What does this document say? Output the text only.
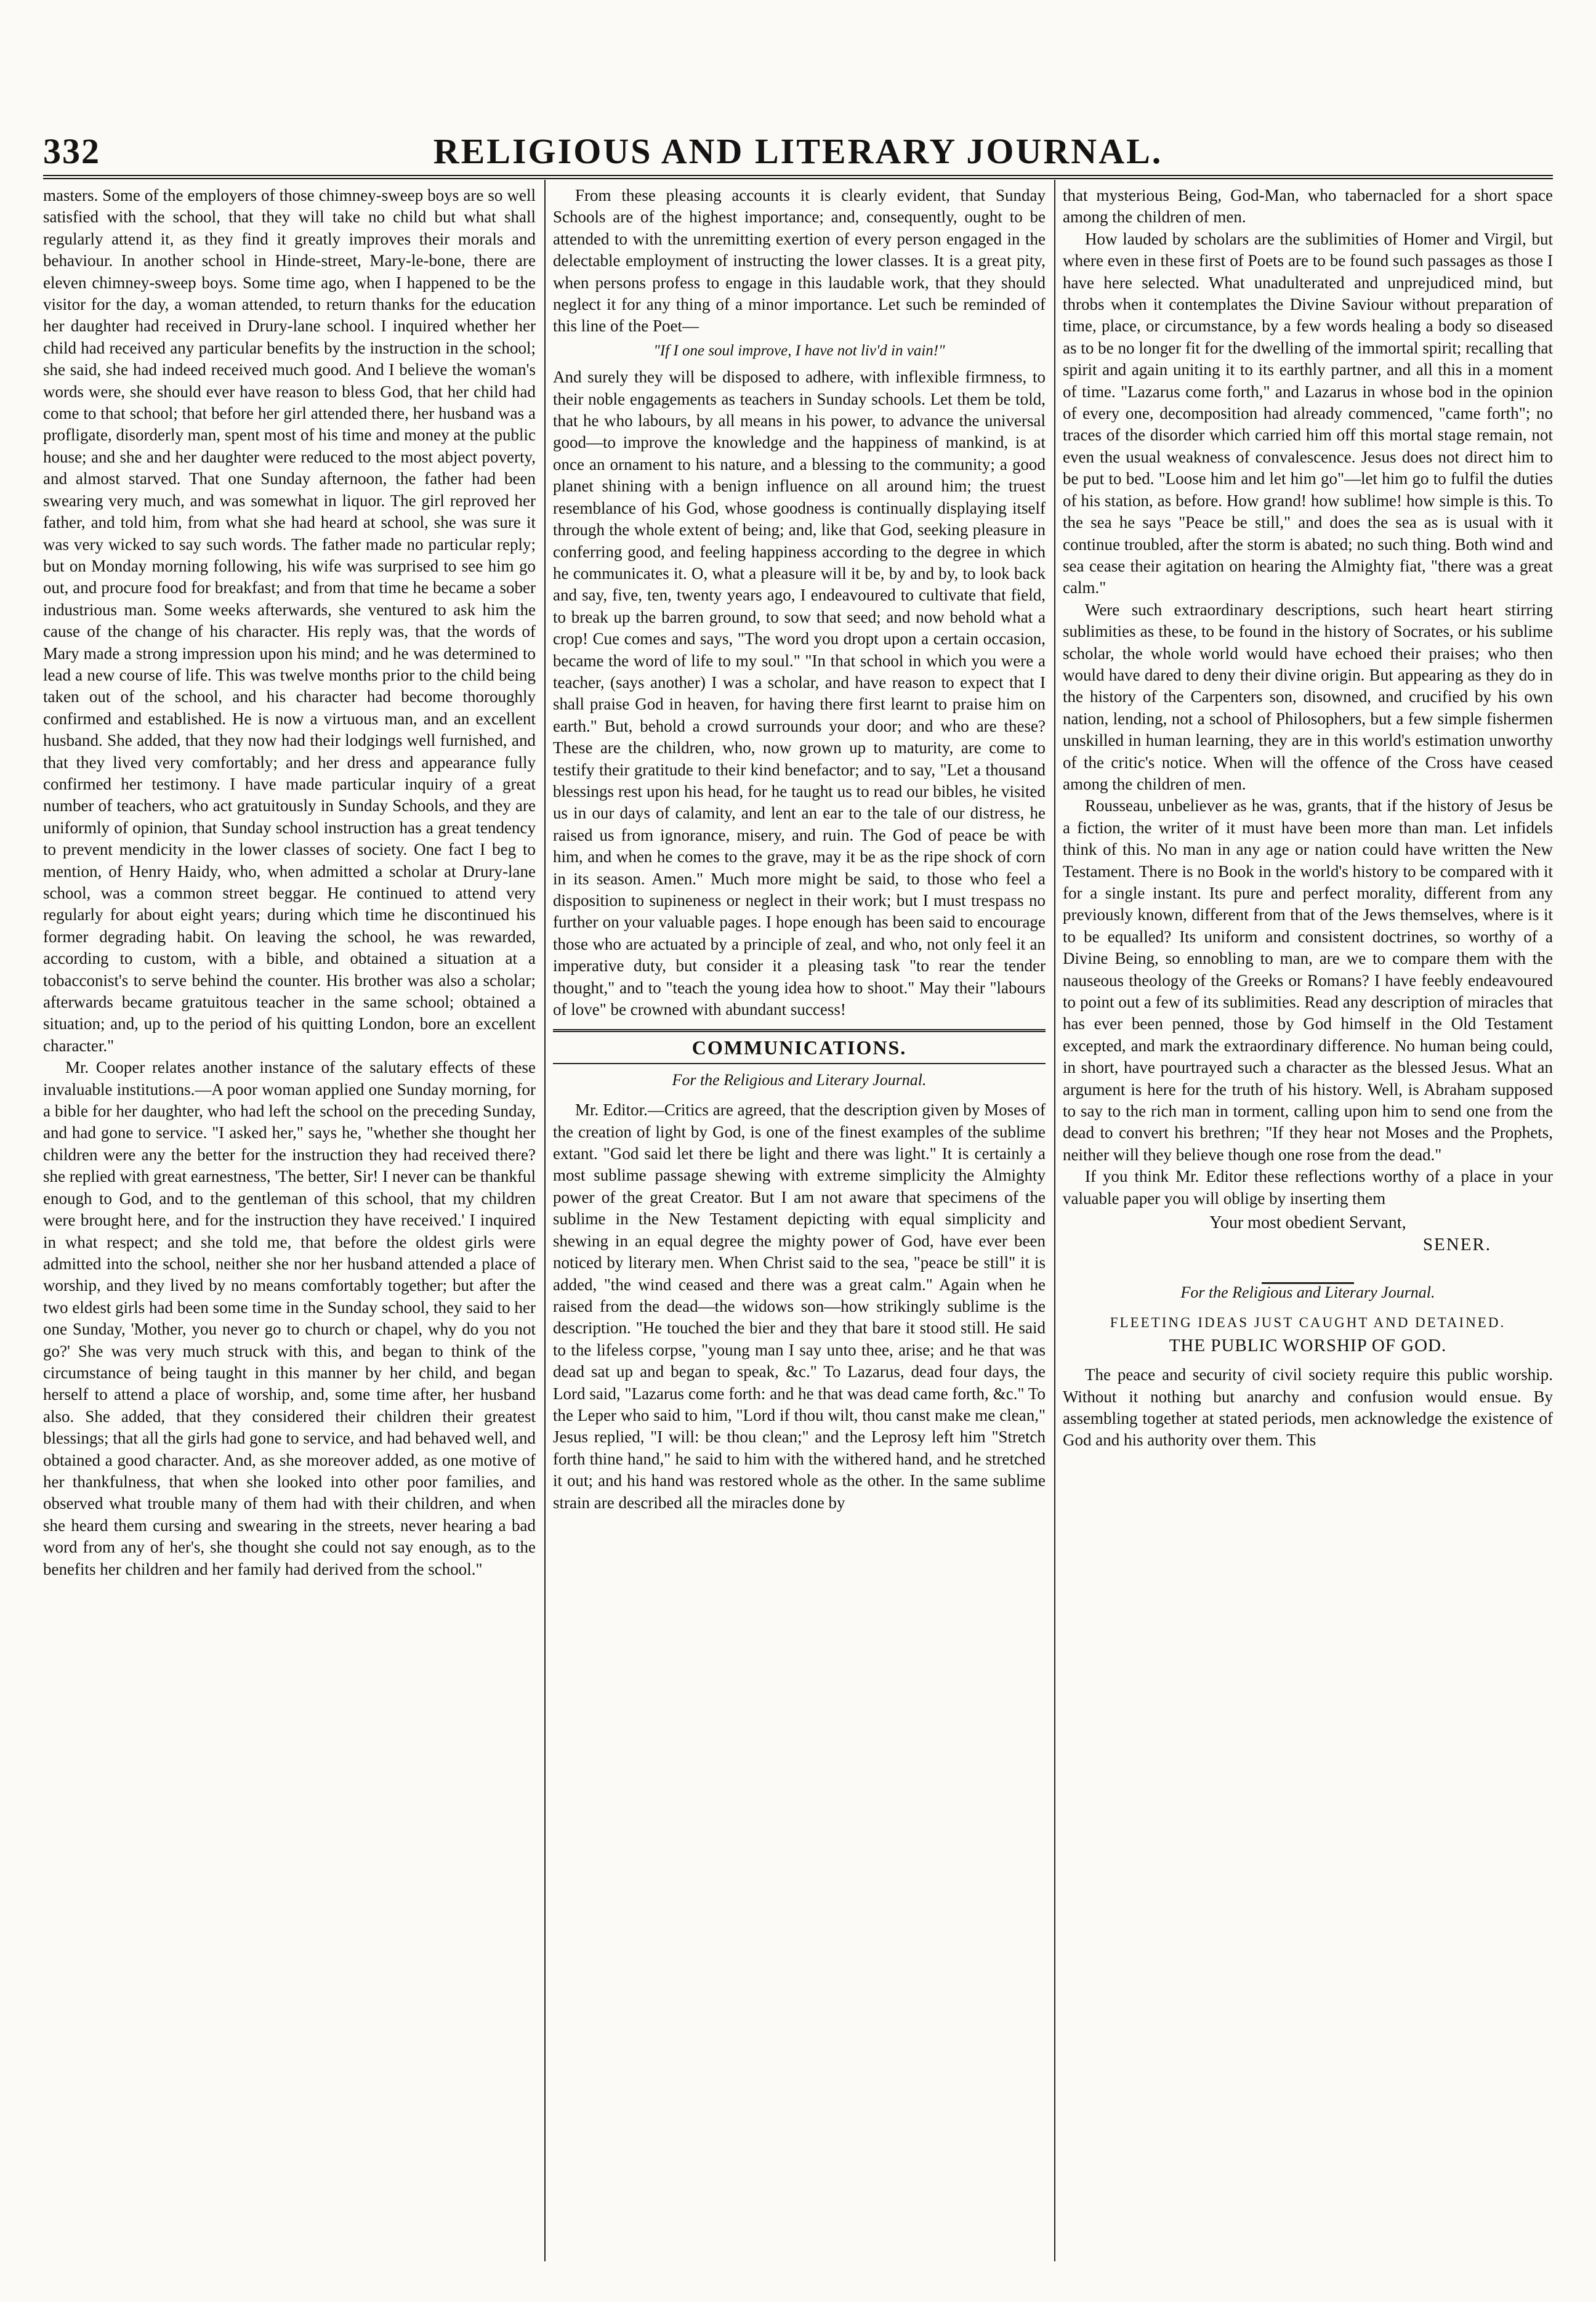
332	RELIGIOUS AND LITERARY JOURNAL.

masters. Some of the employers of those chimney-sweep boys are so well satisfied with the school, that they will take no child but what shall regularly attend it, as they find it greatly improves their morals and behaviour. In another school in Hinde-street, Mary-le-bone, there are eleven chimney-sweep boys. Some time ago, when I happened to be the visitor for the day, a woman attended, to return thanks for the education her daughter had received in Drury-lane school. I inquired whether her child had received any particular benefits by the instruction in the school; she said, she had indeed received much good. And I believe the woman's words were, she should ever have reason to bless God, that her child had come to that school; that before her girl attended there, her husband was a profligate, disorderly man, spent most of his time and money at the public house; and she and her daughter were reduced to the most abject poverty, and almost starved. That one Sunday afternoon, the father had been swearing very much, and was somewhat in liquor. The girl reproved her father, and told him, from what she had heard at school, she was sure it was very wicked to say such words. The father made no particular reply; but on Monday morning following, his wife was surprised to see him go out, and procure food for breakfast; and from that time he became a sober industrious man. Some weeks afterwards, she ventured to ask him the cause of the change of his character. His reply was, that the words of Mary made a strong impression upon his mind; and he was determined to lead a new course of life. This was twelve months prior to the child being taken out of the school, and his character had become thoroughly confirmed and established. He is now a virtuous man, and an excellent husband. She added, that they now had their lodgings well furnished, and that they lived very comfortably; and her dress and appearance fully confirmed her testimony. I have made particular inquiry of a great number of teachers, who act gratuitously in Sunday Schools, and they are uniformly of opinion, that Sunday school instruction has a great tendency to prevent mendicity in the lower classes of society. One fact I beg to mention, of Henry Haidy, who, when admitted a scholar at Drury-lane school, was a common street beggar. He continued to attend very regularly for about eight years; during which time he discontinued his former degrading habit. On leaving the school, he was rewarded, according to custom, with a bible, and obtained a situation at a tobacconist's to serve behind the counter. His brother was also a scholar; afterwards became gratuitous teacher in the same school; obtained a situation; and, up to the period of his quitting London, bore an excellent character."

Mr. Cooper relates another instance of the salutary effects of these invaluable institutions.—A poor woman applied one Sunday morning, for a bible for her daughter, who had left the school on the preceding Sunday, and had gone to service. "I asked her," says he, "whether she thought her children were any the better for the instruction they had received there? she replied with great earnestness, 'The better, Sir! I never can be thankful enough to God, and to the gentleman of this school, that my children were brought here, and for the instruction they have received.' I inquired in what respect; and she told me, that before the oldest girls were admitted into the school, neither she nor her husband attended a place of worship, and they lived by no means comfortably together; but after the two eldest girls had been some time in the Sunday school, they said to her one Sunday, 'Mother, you never go to church or chapel, why do you not go?' She was very much struck with this, and began to think of the circumstance of being taught in this manner by her child, and began herself to attend a place of worship, and, some time after, her husband also. She added, that they considered their children their greatest blessings; that all the girls had gone to service, and had behaved well, and obtained a good character. And, as she moreover added, as one motive of her thankfulness, that when she looked into other poor families, and observed what trouble many of them had with their children, and when she heard them cursing and swearing in the streets, never hearing a bad word from any of her's, she thought she could not say enough, as to the benefits her children and her family had derived from the school."

From these pleasing accounts it is clearly evident, that Sunday Schools are of the highest importance; and, consequently, ought to be attended to with the unremitting exertion of every person engaged in the delectable employment of instructing the lower classes. It is a great pity, when persons profess to engage in this laudable work, that they should neglect it for any thing of a minor importance. Let such be reminded of this line of the Poet—

"If I one soul improve, I have not liv'd in vain!"

And surely they will be disposed to adhere, with inflexible firmness, to their noble engagements as teachers in Sunday schools. Let them be told, that he who labours, by all means in his power, to advance the universal good—to improve the knowledge and the happiness of mankind, is at once an ornament to his nature, and a blessing to the community; a good planet shining with a benign influence on all around him; the truest resemblance of his God, whose goodness is continually displaying itself through the whole extent of being; and, like that God, seeking pleasure in conferring good, and feeling happiness according to the degree in which he communicates it. O, what a pleasure will it be, by and by, to look back and say, five, ten, twenty years ago, I endeavoured to cultivate that field, to break up the barren ground, to sow that seed; and now behold what a crop! Cue comes and says, "The word you dropt upon a certain occasion, became the word of life to my soul." "In that school in which you were a teacher, (says another) I was a scholar, and have reason to expect that I shall praise God in heaven, for having there first learnt to praise him on earth." But, behold a crowd surrounds your door; and who are these? These are the children, who, now grown up to maturity, are come to testify their gratitude to their kind benefactor; and to say, "Let a thousand blessings rest upon his head, for he taught us to read our bibles, he visited us in our days of calamity, and lent an ear to the tale of our distress, he raised us from ignorance, misery, and ruin. The God of peace be with him, and when he comes to the grave, may it be as the ripe shock of corn in its season. Amen." Much more might be said, to those who feel a disposition to supineness or neglect in their work; but I must trespass no further on your valuable pages. I hope enough has been said to encourage those who are actuated by a principle of zeal, and who, not only feel it an imperative duty, but consider it a pleasing task "to rear the tender thought," and to "teach the young idea how to shoot." May their "labours of love" be crowned with abundant success!

COMMUNICATIONS.
For the Religious and Literary Journal.

Mr. Editor.—Critics are agreed, that the description given by Moses of the creation of light by God, is one of the finest examples of the sublime extant. "God said let there be light and there was light." It is certainly a most sublime passage shewing with extreme simplicity the Almighty power of the great Creator. But I am not aware that specimens of the sublime in the New Testament depicting with equal simplicity and shewing in an equal degree the mighty power of God, have ever been noticed by literary men. When Christ said to the sea, "peace be still" it is added, "the wind ceased and there was a great calm." Again when he raised from the dead—the widows son—how strikingly sublime is the description. "He touched the bier and they that bare it stood still. He said to the lifeless corpse, "young man I say unto thee, arise; and he that was dead sat up and began to speak, &c." To Lazarus, dead four days, the Lord said, "Lazarus come forth: and he that was dead came forth, &c." To the Leper who said to him, "Lord if thou wilt, thou canst make me clean," Jesus replied, "I will: be thou clean;" and the Leprosy left him "Stretch forth thine hand," he said to him with the withered hand, and he stretched it out; and his hand was restored whole as the other. In the same sublime strain are described all the miracles done by

that mysterious Being, God-Man, who tabernacled for a short space among the children of men.

How lauded by scholars are the sublimities of Homer and Virgil, but where even in these first of Poets are to be found such passages as those I have here selected. What unadulterated and unprejudiced mind, but throbs when it contemplates the Divine Saviour without preparation of time, place, or circumstance, by a few words healing a body so diseased as to be no longer fit for the dwelling of the immortal spirit; recalling that spirit and again uniting it to its earthly partner, and all this in a moment of time. "Lazarus come forth," and Lazarus in whose bod in the opinion of every one, decomposition had already commenced, "came forth"; no traces of the disorder which carried him off this mortal stage remain, not even the usual weakness of convalescence. Jesus does not direct him to be put to bed. "Loose him and let him go"—let him go to fulfil the duties of his station, as before. How grand! how sublime! how simple is this. To the sea he says "Peace be still," and does the sea as is usual with it continue troubled, after the storm is abated; no such thing. Both wind and sea cease their agitation on hearing the Almighty fiat, "there was a great calm."

Were such extraordinary descriptions, such heart heart stirring sublimities as these, to be found in the history of Socrates, or his sublime scholar, the whole world would have echoed their praises; who then would have dared to deny their divine origin. But appearing as they do in the history of the Carpenters son, disowned, and crucified by his own nation, lending, not a school of Philosophers, but a few simple fishermen unskilled in human learning, they are in this world's estimation unworthy of the critic's notice. When will the offence of the Cross have ceased among the children of men.

Rousseau, unbeliever as he was, grants, that if the history of Jesus be a fiction, the writer of it must have been more than man. Let infidels think of this. No man in any age or nation could have written the New Testament. There is no Book in the world's history to be compared with it for a single instant. Its pure and perfect morality, different from any previously known, different from that of the Jews themselves, where is it to be equalled? Its uniform and consistent doctrines, so worthy of a Divine Being, so ennobling to man, are we to compare them with the nauseous theology of the Greeks or Romans? I have feebly endeavoured to point out a few of its sublimities. Read any description of miracles that has ever been penned, those by God himself in the Old Testament excepted, and mark the extraordinary difference. No human being could, in short, have pourtrayed such a character as the blessed Jesus. What an argument is here for the truth of his history. Well, is Abraham supposed to say to the rich man in torment, calling upon him to send one from the dead to convert his brethren; "If they hear not Moses and the Prophets, neither will they believe though one rose from the dead."

If you think Mr. Editor these reflections worthy of a place in your valuable paper you will oblige by inserting them

Your most obedient Servant,
SENER.
For the Religious and Literary Journal.
FLEETING IDEAS JUST CAUGHT AND DETAINED.
THE PUBLIC WORSHIP OF GOD.

The peace and security of civil society require this public worship. Without it nothing but anarchy and confusion would ensue. By assembling together at stated periods, men acknowledge the existence of God and his authority over them. This
